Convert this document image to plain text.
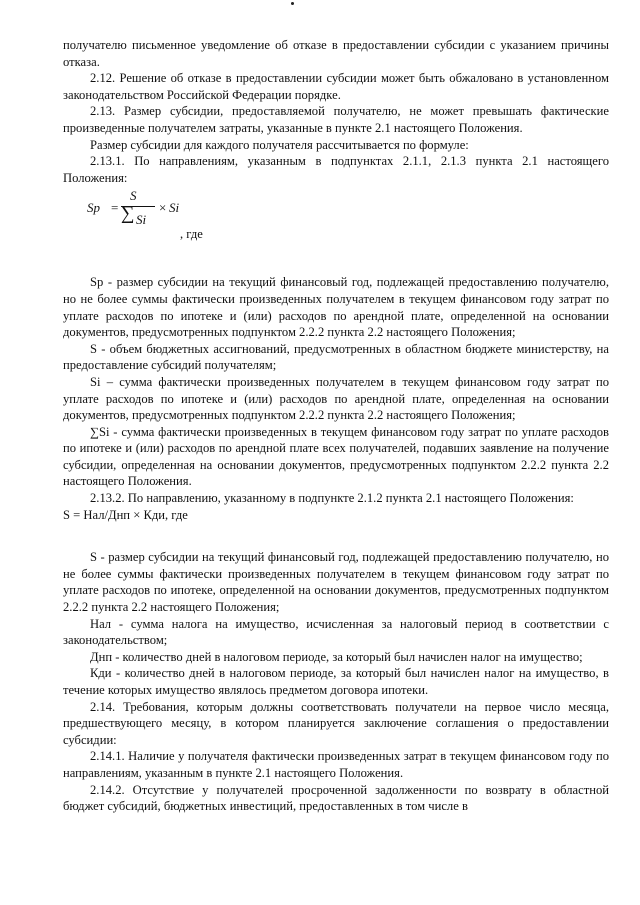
получателю письменное уведомление об отказе в предоставлении субсидии с указанием причины отказа.

2.12. Решение об отказе в предоставлении субсидии может быть обжаловано в установленном законодательством Российской Федерации порядке.

2.13. Размер субсидии, предоставляемой получателю, не может превышать фактические произведенные получателем затраты, указанные в пункте 2.1 настоящего Положения.

Размер субсидии для каждого получателя рассчитывается по формуле:

2.13.1. По направлениям, указанным в подпунктах 2.1.1, 2.1.3 пункта 2.1 настоящего Положения:

Sp =
S
∑ Si
× Si
, где

Sp - размер субсидии на текущий финансовый год, подлежащей предоставлению получателю, но не более суммы фактически произведенных получателем в текущем финансовом году затрат по уплате расходов по ипотеке и (или) расходов по арендной плате, определенной на основании документов, предусмотренных подпунктом 2.2.2 пункта 2.2 настоящего Положения;

S - объем бюджетных ассигнований, предусмотренных в областном бюджете министерству, на предоставление субсидий получателям;

Si – сумма фактически произведенных получателем в текущем финансовом году затрат по уплате расходов по ипотеке и (или) расходов по арендной плате, определенная на основании документов, предусмотренных подпунктом 2.2.2 пункта 2.2 настоящего Положения;

∑Si - сумма фактически произведенных в текущем финансовом году затрат по уплате расходов по ипотеке и (или) расходов по арендной плате всех получателей, подавших заявление на получение субсидии, определенная на основании документов, предусмотренных подпунктом 2.2.2 пункта 2.2 настоящего Положения.

2.13.2. По направлению, указанному в подпункте 2.1.2 пункта 2.1 настоящего Положения:

S = Нал/Днп × Кди, где

S - размер субсидии на текущий финансовый год, подлежащей предоставлению получателю, но не более суммы фактически произведенных получателем в текущем финансовом году затрат по уплате расходов по ипотеке, определенной на основании документов, предусмотренных подпунктом 2.2.2 пункта 2.2 настоящего Положения;

Нал - сумма налога на имущество, исчисленная за налоговый период в соответствии с законодательством;

Днп - количество дней в налоговом периоде, за который был начислен налог на имущество;

Кди - количество дней в налоговом периоде, за который был начислен налог на имущество, в течение которых имущество являлось предметом договора ипотеки.

2.14. Требования, которым должны соответствовать получатели на первое число месяца, предшествующего месяцу, в котором планируется заключение соглашения о предоставлении субсидии:

2.14.1. Наличие у получателя фактически произведенных затрат в текущем финансовом году по направлениям, указанным в пункте 2.1 настоящего Положения.

2.14.2. Отсутствие у получателей просроченной задолженности по возврату в областной бюджет субсидий, бюджетных инвестиций, предоставленных в том числе в
